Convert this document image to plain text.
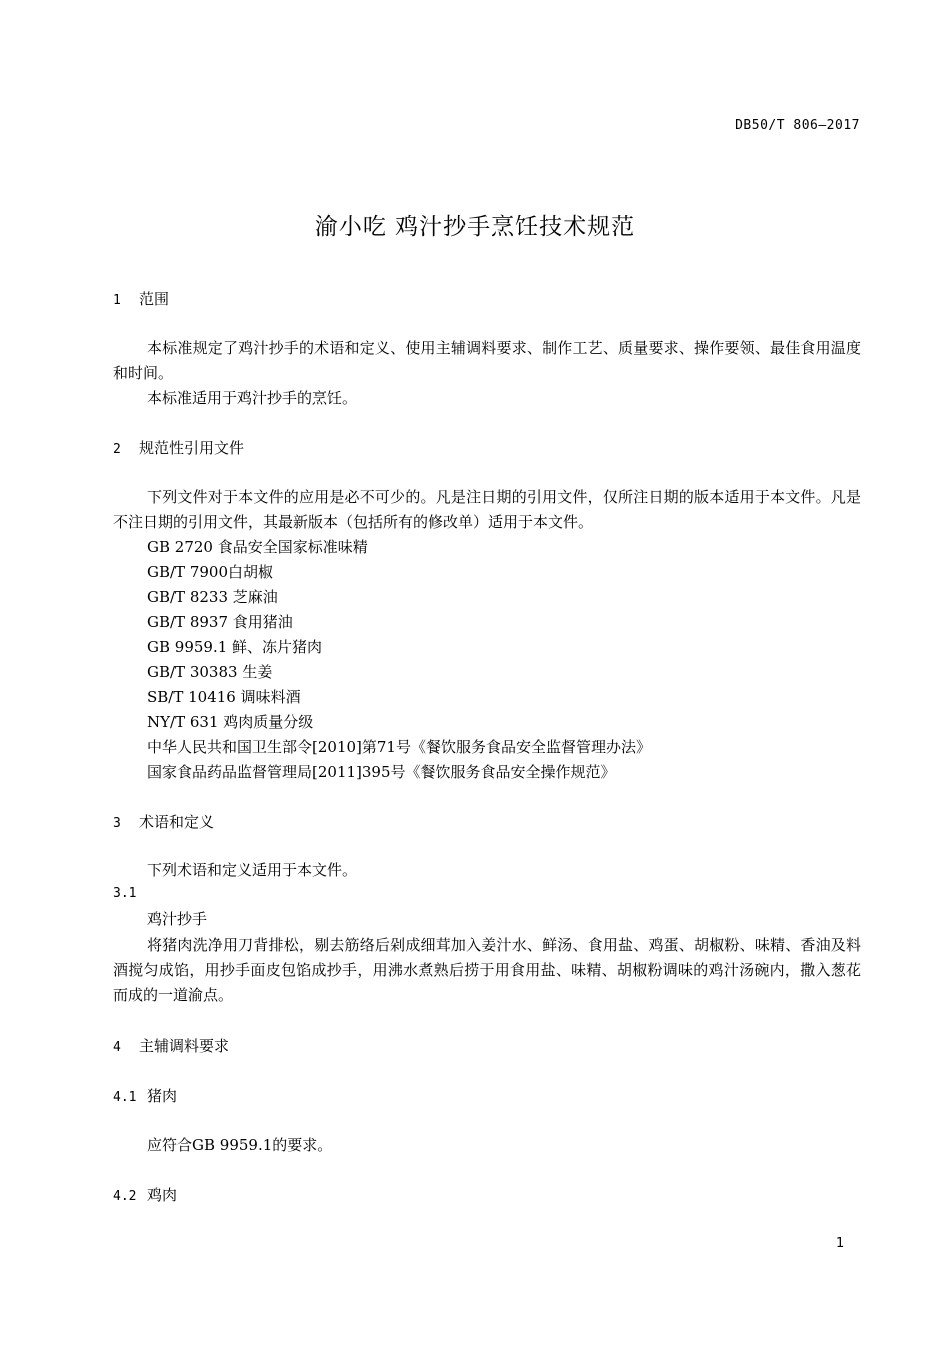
DB50/T 806—2017
渝小吃 鸡汁抄手烹饪技术规范
1 范围

本标准规定了鸡汁抄手的术语和定义、使用主辅调料要求、制作工艺、质量要求、操作要领、最佳食用温度和时间。

本标准适用于鸡汁抄手的烹饪。

2 规范性引用文件

下列文件对于本文件的应用是必不可少的。凡是注日期的引用文件，仅所注日期的版本适用于本文件。凡是不注日期的引用文件，其最新版本（包括所有的修改单）适用于本文件。

GB 2720 食品安全国家标准味精

GB/T 7900白胡椒

GB/T 8233 芝麻油

GB/T 8937 食用猪油

GB 9959.1 鲜、冻片猪肉

GB/T 30383 生姜

SB/T 10416 调味料酒

NY/T 631 鸡肉质量分级

中华人民共和国卫生部令[2010]第71号《餐饮服务食品安全监督管理办法》

国家食品药品监督管理局[2011]395号《餐饮服务食品安全操作规范》

3 术语和定义

下列术语和定义适用于本文件。

3.1
鸡汁抄手

将猪肉洗净用刀背排松，剔去筋络后剁成细茸加入姜汁水、鲜汤、食用盐、鸡蛋、胡椒粉、味精、香油及料酒搅匀成馅，用抄手面皮包馅成抄手，用沸水煮熟后捞于用食用盐、味精、胡椒粉调味的鸡汁汤碗内，撒入葱花而成的一道渝点。

4 主辅调料要求
4.1 猪肉

应符合GB 9959.1的要求。

4.2 鸡肉
1
